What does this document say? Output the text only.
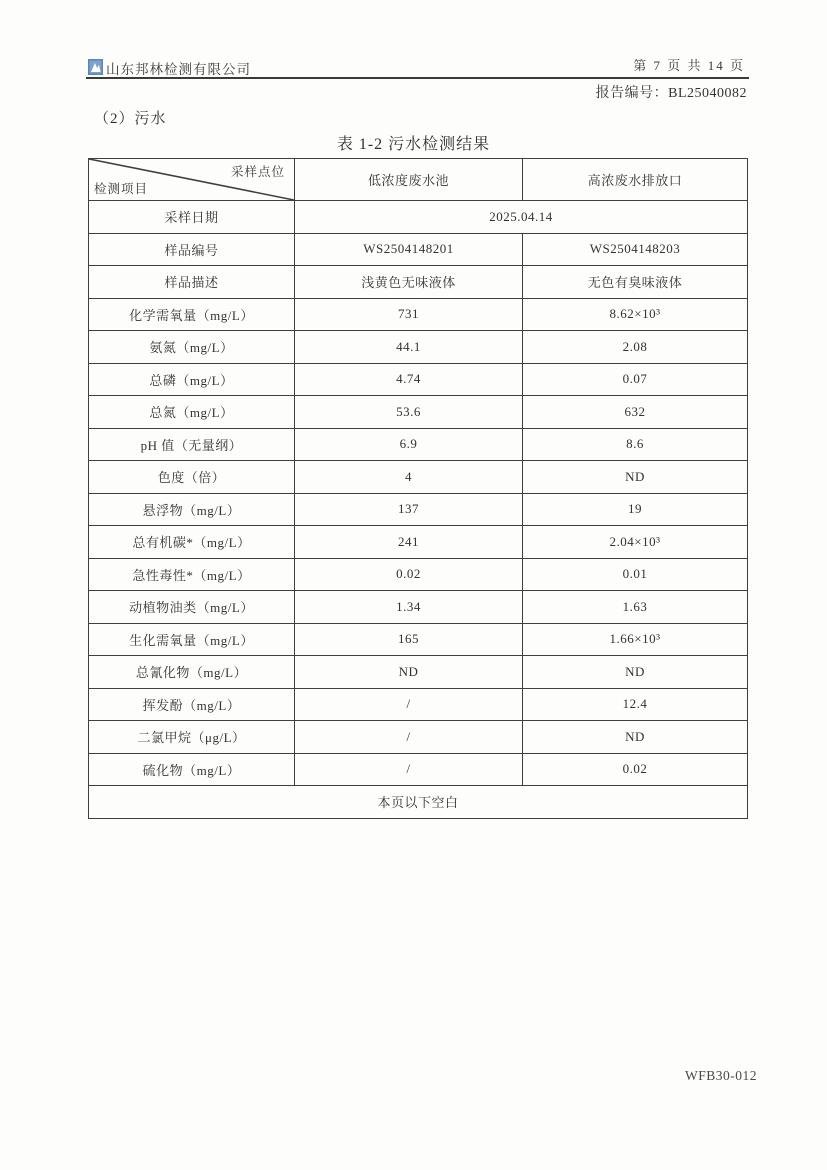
山东邦林检测有限公司	第 7 页 共 14 页
报告编号：BL25040082
（2）污水
表 1-2 污水检测结果
采样点位
检测项目	低浓度废水池	高浓废水排放口
采样日期	2025.04.14	
样品编号	WS2504148201	WS2504148203
样品描述	浅黄色无味液体	无色有臭味液体
化学需氧量（mg/L）	731	8.62×10³
氨氮（mg/L）	44.1	2.08
总磷（mg/L）	4.74	0.07
总氮（mg/L）	53.6	632
pH 值（无量纲）	6.9	8.6
色度（倍）	4	ND
悬浮物（mg/L）	137	19
总有机碳*（mg/L）	241	2.04×10³
急性毒性*（mg/L）	0.02	0.01
动植物油类（mg/L）	1.34	1.63
生化需氧量（mg/L）	165	1.66×10³
总氰化物（mg/L）	ND	ND
挥发酚（mg/L）	/	12.4
二氯甲烷（μg/L）	/	ND
硫化物（mg/L）	/	0.02
本页以下空白		
WFB30-012
